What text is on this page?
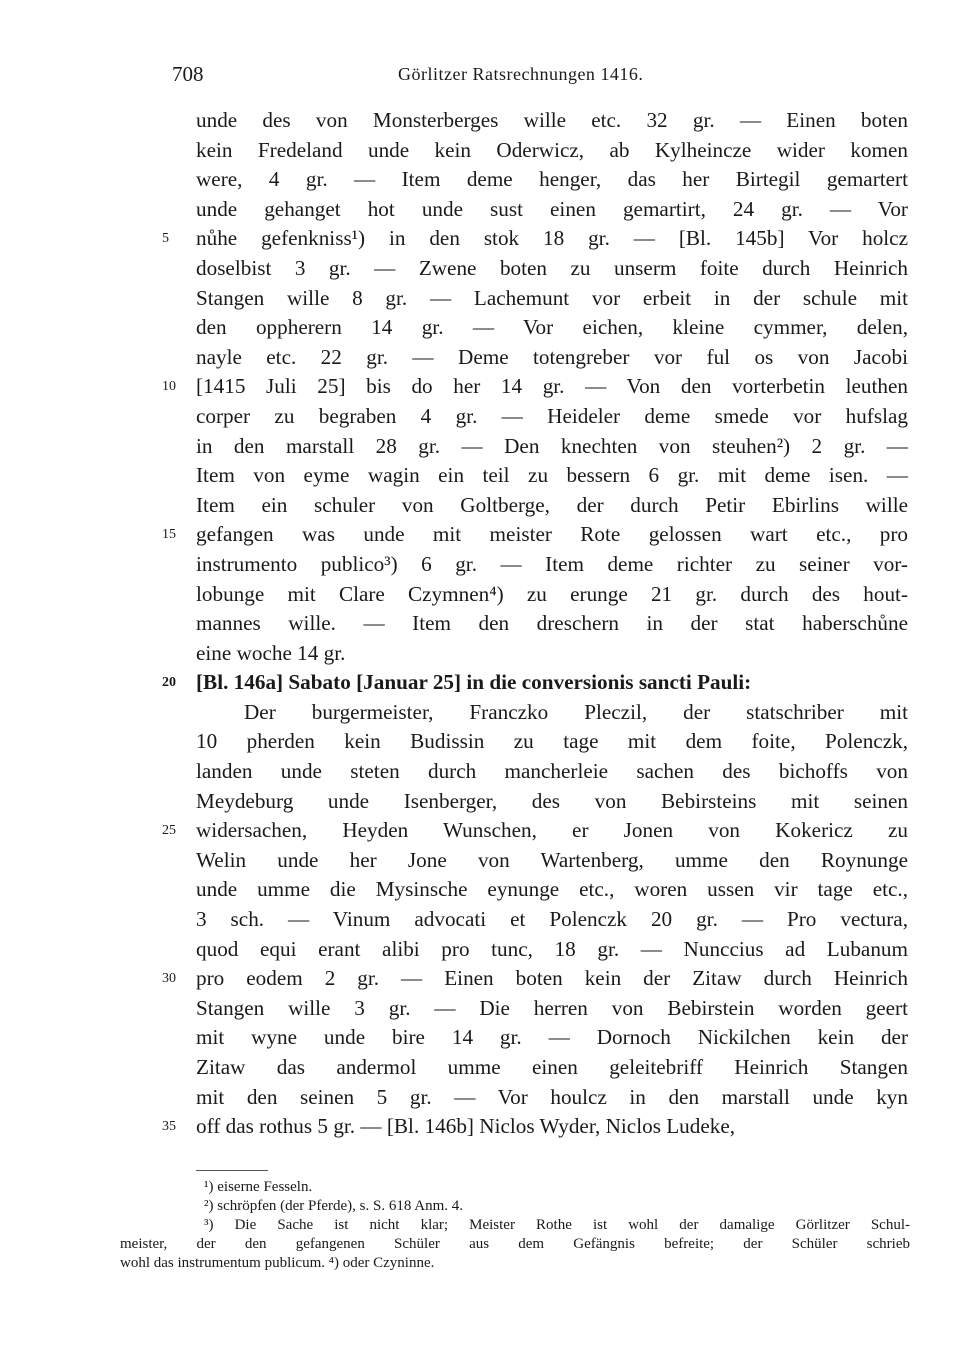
708	Görlitzer Ratsrechnungen 1416.
unde des von Monsterberges wille etc. 32 gr. — Einen boten
kein Fredeland unde kein Oderwicz, ab Kylheincze wider komen
were, 4 gr. — Item deme henger, das her Birtegil gemartert
unde gehanget hot unde sust einen gemartirt, 24 gr. — Vor
5	nůhe gefenkniss¹) in den stok 18 gr. — [Bl. 145b] Vor holcz
doselbist 3 gr. — Zwene boten zu unserm foite durch Heinrich
Stangen wille 8 gr. — Lachemunt vor erbeit in der schule mit
den oppherern 14 gr. — Vor eichen, kleine cymmer, delen,
nayle etc. 22 gr. — Deme totengreber vor ful os von Jacobi
10 [1415 Juli 25] bis do her 14 gr. — Von den vorterbetin leuthen
corper zu begraben 4 gr. — Heideler deme smede vor hufslag
in den marstall 28 gr. — Den knechten von steuhen²) 2 gr. —
Item von eyme wagin ein teil zu bessern 6 gr. mit deme isen. —
Item ein schuler von Goltberge, der durch Petir Ebirlins wille
15 gefangen was unde mit meister Rote gelossen wart etc., pro
instrumento publico³) 6 gr. — Item deme richter zu seiner vor-
lobunge mit Clare Czymnen⁴) zu erunge 21 gr. durch des hout-
mannes wille. — Item den dreschern in der stat haberschůne
eine woche 14 gr.
20 [Bl. 146a] Sabato [Januar 25] in die conversionis sancti Pauli:
Der burgermeister, Franczko Pleczil, der statschriber mit
10 pherden kein Budissin zu tage mit dem foite, Polenczk,
landen unde steten durch mancherleie sachen des bichoffs von
Meydeburg unde Isenberger, des von Bebirsteins mit seinen
25 widersachen, Heyden Wunschen, er Jonen von Kokericz zu
Welin unde her Jone von Wartenberg, umme den Roynunge
unde umme die Mysinsche eynunge etc., woren ussen vir tage etc.,
3 sch. — Vinum advocati et Polenczk 20 gr. — Pro vectura,
quod equi erant alibi pro tunc, 18 gr. — Nunccius ad Lubanum
30 pro eodem 2 gr. — Einen boten kein der Zitaw durch Heinrich
Stangen wille 3 gr. — Die herren von Bebirstein worden geert
mit wyne unde bire 14 gr. — Dornoch Nickilchen kein der
Zitaw das andermol umme einen geleitebriff Heinrich Stangen
mit den seinen 5 gr. — Vor houlcz in den marstall unde kyn
35 off das rothus 5 gr. — [Bl. 146b] Niclos Wyder, Niclos Ludeke,
¹) eiserne Fesseln.
²) schröpfen (der Pferde), s. S. 618 Anm. 4.
³) Die Sache ist nicht klar; Meister Rothe ist wohl der damalige Görlitzer Schul-
meister, der den gefangenen Schüler aus dem Gefängnis befreite; der Schüler schrieb
wohl das instrumentum publicum. ⁴) oder Czyninne.
